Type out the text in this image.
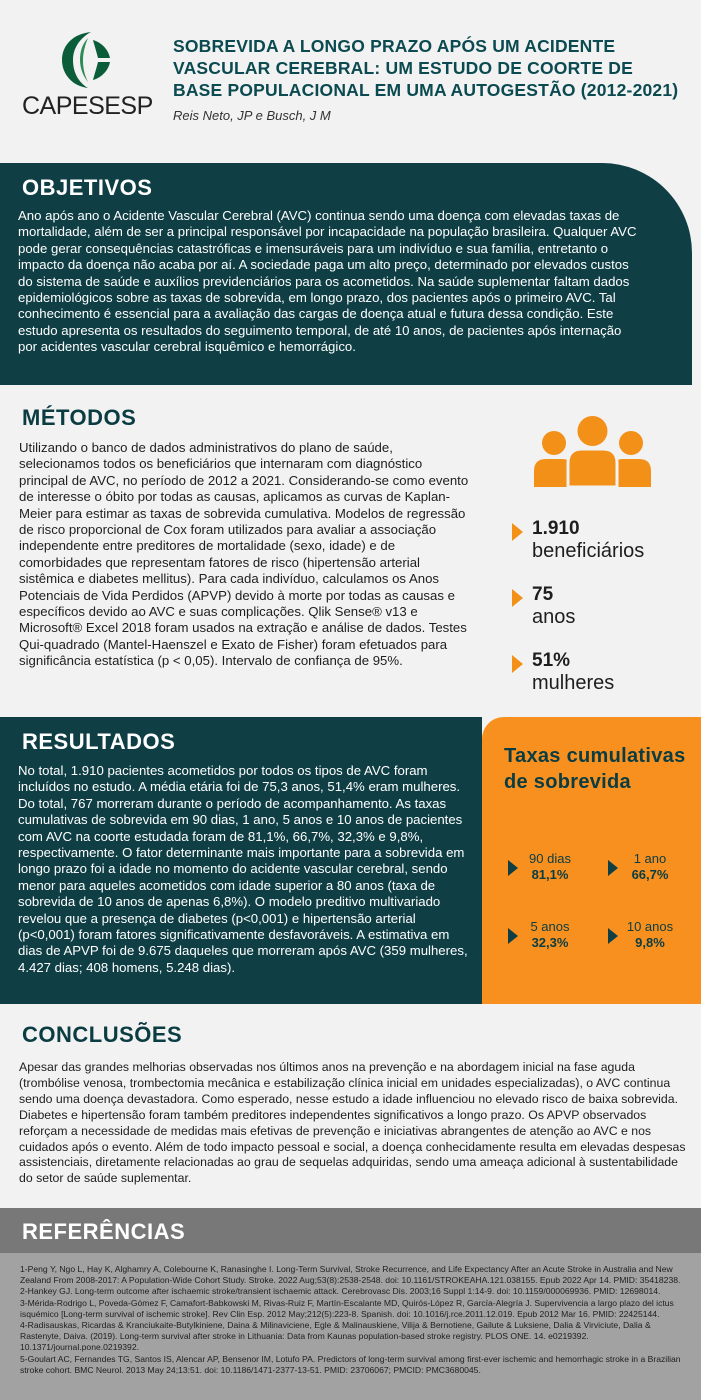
CAPESESP
SOBREVIDA A LONGO PRAZO APÓS UM ACIDENTE VASCULAR CEREBRAL: UM ESTUDO DE COORTE DE BASE POPULACIONAL EM UMA AUTOGESTÃO (2012-2021)
Reis Neto, JP e Busch, J M
OBJETIVOS
Ano após ano o Acidente Vascular Cerebral (AVC) continua sendo uma doença com elevadas taxas de mortalidade, além de ser a principal responsável por incapacidade na população brasileira. Qualquer AVC pode gerar consequências catastróficas e imensuráveis para um indivíduo e sua família, entretanto o impacto da doença não acaba por aí. A sociedade paga um alto preço, determinado por elevados custos do sistema de saúde e auxílios previdenciários para os acometidos. Na saúde suplementar faltam dados epidemiológicos sobre as taxas de sobrevida, em longo prazo, dos pacientes após o primeiro AVC. Tal conhecimento é essencial para a avaliação das cargas de doença atual e futura dessa condição. Este estudo apresenta os resultados do seguimento temporal, de até 10 anos, de pacientes após internação por acidentes vascular cerebral isquêmico e hemorrágico.
MÉTODOS
Utilizando o banco de dados administrativos do plano de saúde, selecionamos todos os beneficiários que internaram com diagnóstico principal de AVC, no período de 2012 a 2021. Considerando-se como evento de interesse o óbito por todas as causas, aplicamos as curvas de Kaplan-Meier para estimar as taxas de sobrevida cumulativa. Modelos de regressão de risco proporcional de Cox foram utilizados para avaliar a associação independente entre preditores de mortalidade (sexo, idade) e de comorbidades que representam fatores de risco (hipertensão arterial sistêmica e diabetes mellitus). Para cada indivíduo, calculamos os Anos Potenciais de Vida Perdidos (APVP) devido à morte por todas as causas e específicos devido ao AVC e suas complicações. Qlik Sense® v13 e Microsoft® Excel 2018 foram usados na extração e análise de dados. Testes Qui-quadrado (Mantel-Haenszel e Exato de Fisher) foram efetuados para significância estatística (p < 0,05). Intervalo de confiança de 95%.
1.910
beneficiários
75
anos
51%
mulheres
RESULTADOS
No total, 1.910 pacientes acometidos por todos os tipos de AVC foram incluídos no estudo. A média etária foi de 75,3 anos, 51,4% eram mulheres. Do total, 767 morreram durante o período de acompanhamento. As taxas cumulativas de sobrevida em 90 dias, 1 ano, 5 anos e 10 anos de pacientes com AVC na coorte estudada foram de 81,1%, 66,7%, 32,3% e 9,8%, respectivamente. O fator determinante mais importante para a sobrevida em longo prazo foi a idade no momento do acidente vascular cerebral, sendo menor para aqueles acometidos com idade superior a 80 anos (taxa de sobrevida de 10 anos de apenas 6,8%). O modelo preditivo multivariado revelou que a presença de diabetes (p<0,001) e hipertensão arterial (p<0,001) foram fatores significativamente desfavoráveis. A estimativa em dias de APVP foi de 9.675 daqueles que morreram após AVC (359 mulheres, 4.427 dias; 408 homens, 5.248 dias).
Taxas cumulativas de sobrevida
90 dias
81,1%
1 ano
66,7%
5 anos
32,3%
10 anos
9,8%
CONCLUSÕES
Apesar das grandes melhorias observadas nos últimos anos na prevenção e na abordagem inicial na fase aguda (trombólise venosa, trombectomia mecânica e estabilização clínica inicial em unidades especializadas), o AVC continua sendo uma doença devastadora. Como esperado, nesse estudo a idade influenciou no elevado risco de baixa sobrevida. Diabetes e hipertensão foram também preditores independentes significativos a longo prazo. Os APVP observados reforçam a necessidade de medidas mais efetivas de prevenção e iniciativas abrangentes de atenção ao AVC e nos cuidados após o evento. Além de todo impacto pessoal e social, a doença conhecidamente resulta em elevadas despesas assistenciais, diretamente relacionadas ao grau de sequelas adquiridas, sendo uma ameaça adicional à sustentabilidade do setor de saúde suplementar.
REFERÊNCIAS
1-Peng Y, Ngo L, Hay K, Alghamry A, Colebourne K, Ranasinghe I. Long-Term Survival, Stroke Recurrence, and Life Expectancy After an Acute Stroke in Australia and New Zealand From 2008-2017: A Population-Wide Cohort Study. Stroke. 2022 Aug;53(8):2538-2548. doi: 10.1161/STROKEAHA.121.038155. Epub 2022 Apr 14. PMID: 35418238.
2-Hankey GJ. Long-term outcome after ischaemic stroke/transient ischaemic attack. Cerebrovasc Dis. 2003;16 Suppl 1:14-9. doi: 10.1159/000069936. PMID: 12698014.
3-Mérida-Rodrigo L, Poveda-Gómez F, Camafort-Babkowski M, Rivas-Ruiz F, Martín-Escalante MD, Quirós-López R, García-Alegría J. Supervivencia a largo plazo del ictus isquémico [Long-term survival of ischemic stroke]. Rev Clin Esp. 2012 May;212(5):223-8. Spanish. doi: 10.1016/j.rce.2011.12.019. Epub 2012 Mar 16. PMID: 22425144.
4-Radisauskas, Ricardas & Kranciukaite-Butylkiniene, Daina & Milinaviciene, Egle & Malinauskiene, Vilija & Bernotiene, Gailute & Luksiene, Dalia & Virviciute, Dalia & Rastenyte, Daiva. (2019). Long-term survival after stroke in Lithuania: Data from Kaunas population-based stroke registry. PLOS ONE. 14. e0219392. 10.1371/journal.pone.0219392.
5-Goulart AC, Fernandes TG, Santos IS, Alencar AP, Bensenor IM, Lotufo PA. Predictors of long-term survival among first-ever ischemic and hemorrhagic stroke in a Brazilian stroke cohort. BMC Neurol. 2013 May 24;13:51. doi: 10.1186/1471-2377-13-51. PMID: 23706067; PMCID: PMC3680045.
